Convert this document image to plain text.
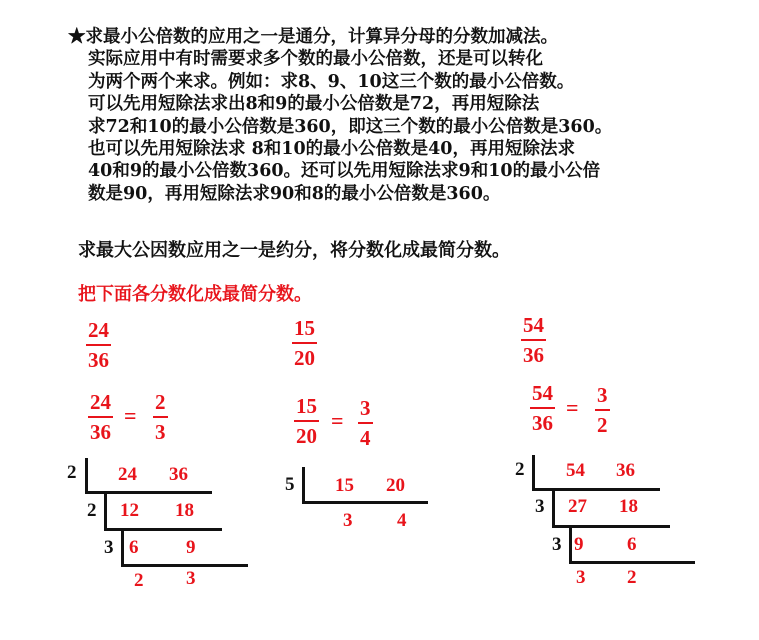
★求最小公倍数的应用之一是通分，计算异分母的分数加减法。
实际应用中有时需要求多个数的最小公倍数，还是可以转化
为两个两个来求。例如：求8、9、10这三个数的最小公倍数。
可以先用短除法求出8和9的最小公倍数是72，再用短除法
求72和10的最小公倍数是360，即这三个数的最小公倍数是360。
也可以先用短除法求 8和10的最小公倍数是40，再用短除法求
40和9的最小公倍数360。还可以先用短除法求9和10的最小公倍
数是90，再用短除法求90和8的最小公倍数是360。
求最大公因数应用之一是约分，将分数化成最简分数。
把下面各分数化成最简分数。
24
36
24
36
=
2
3
2 24 36
2 12 18
3 6	9
2 3
15
20
15
20
= 3
4
5 15 20
3 4
54
36
54
36
= 3
2
2 54 36
3 27 18
3 9 6
3 2
